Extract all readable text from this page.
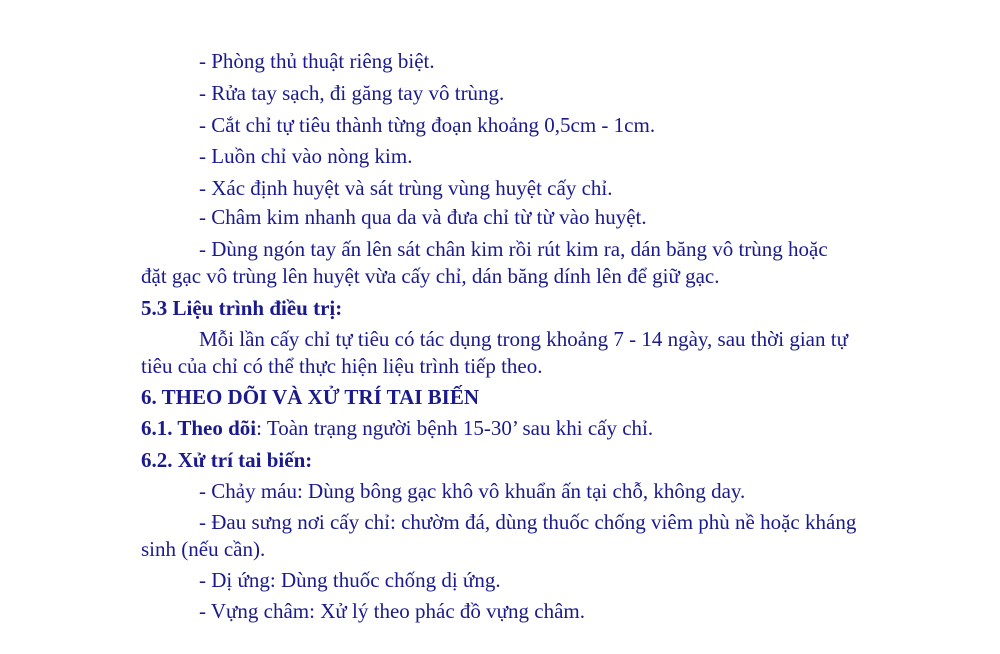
- Phòng thủ thuật riêng biệt.
- Rửa tay sạch, đi găng tay vô trùng.
- Cắt chỉ tự tiêu thành từng đoạn khoảng 0,5cm - 1cm.
- Luồn chỉ vào nòng kim.
- Xác định huyệt và sát trùng vùng huyệt cấy chỉ.
- Châm kim nhanh qua da và đưa chỉ từ từ vào huyệt.
- Dùng ngón tay ấn lên sát chân kim rồi rút kim ra, dán băng vô trùng hoặc
đặt gạc vô trùng lên huyệt vừa cấy chỉ, dán băng dính lên để giữ gạc.
5.3 Liệu trình điều trị:
Mỗi lần cấy chỉ tự tiêu có tác dụng trong khoảng 7 - 14 ngày, sau thời gian tự
tiêu của chỉ có thể thực hiện liệu trình tiếp theo.
6. THEO DÕI VÀ XỬ TRÍ TAI BIẾN
6.1. Theo dõi: Toàn trạng người bệnh 15-30’ sau khi cấy chỉ.
6.2. Xử trí tai biến:
- Chảy máu: Dùng bông gạc khô vô khuẩn ấn tại chỗ, không day.
- Đau sưng nơi cấy chỉ: chườm đá, dùng thuốc chống viêm phù nề hoặc kháng
sinh (nếu cần).
- Dị ứng: Dùng thuốc chống dị ứng.
- Vựng châm: Xử lý theo phác đồ vựng châm.
